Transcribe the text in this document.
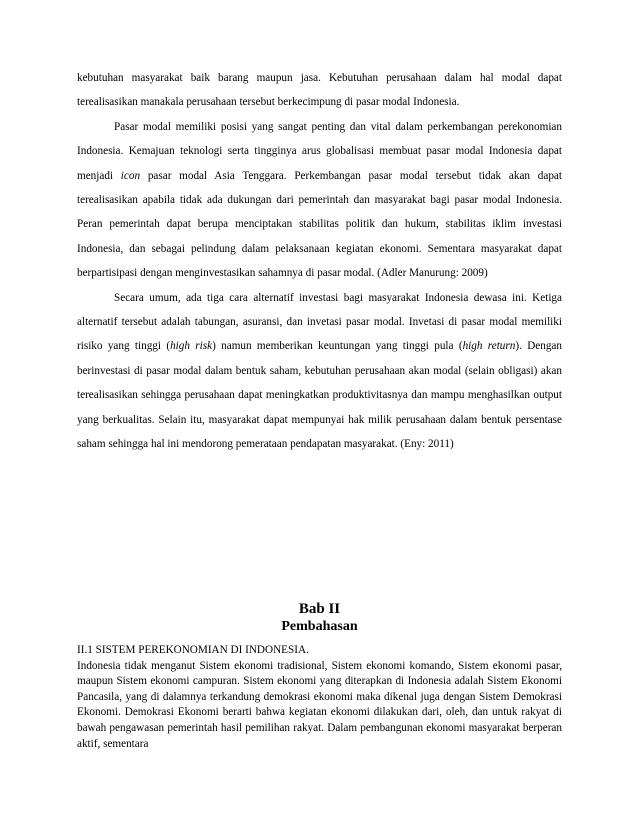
kebutuhan masyarakat baik barang maupun jasa. Kebutuhan perusahaan dalam hal modal dapat terealisasikan manakala perusahaan tersebut berkecimpung di pasar modal Indonesia.

Pasar modal memiliki posisi yang sangat penting dan vital dalam perkembangan perekonomian Indonesia. Kemajuan teknologi serta tingginya arus globalisasi membuat pasar modal Indonesia dapat menjadi icon pasar modal Asia Tenggara. Perkembangan pasar modal tersebut tidak akan dapat terealisasikan apabila tidak ada dukungan dari pemerintah dan masyarakat bagi pasar modal Indonesia. Peran pemerintah dapat berupa menciptakan stabilitas politik dan hukum, stabilitas iklim investasi Indonesia, dan sebagai pelindung dalam pelaksanaan kegiatan ekonomi. Sementara masyarakat dapat berpartisipasi dengan menginvestasikan sahamnya di pasar modal. (Adler Manurung: 2009)

Secara umum, ada tiga cara alternatif investasi bagi masyarakat Indonesia dewasa ini. Ketiga alternatif tersebut adalah tabungan, asuransi, dan invetasi pasar modal. Invetasi di pasar modal memiliki risiko yang tinggi (high risk) namun memberikan keuntungan yang tinggi pula (high return). Dengan berinvestasi di pasar modal dalam bentuk saham, kebutuhan perusahaan akan modal (selain obligasi) akan terealisasikan sehingga perusahaan dapat meningkatkan produktivitasnya dan mampu menghasilkan output yang berkualitas. Selain itu, masyarakat dapat mempunyai hak milik perusahaan dalam bentuk persentase saham sehingga hal ini mendorong pemerataan pendapatan masyarakat. (Eny: 2011)

Bab II

Pembahasan

II.1 SISTEM PEREKONOMIAN DI INDONESIA.

Indonesia tidak menganut Sistem ekonomi tradisional, Sistem ekonomi komando, Sistem ekonomi pasar, maupun Sistem ekonomi campuran. Sistem ekonomi yang diterapkan di Indonesia adalah Sistem Ekonomi Pancasila, yang di dalamnya terkandung demokrasi ekonomi maka dikenal juga dengan Sistem Demokrasi Ekonomi. Demokrasi Ekonomi berarti bahwa kegiatan ekonomi dilakukan dari, oleh, dan untuk rakyat di bawah pengawasan pemerintah hasil pemilihan rakyat. Dalam pembangunan ekonomi masyarakat berperan aktif, sementara
